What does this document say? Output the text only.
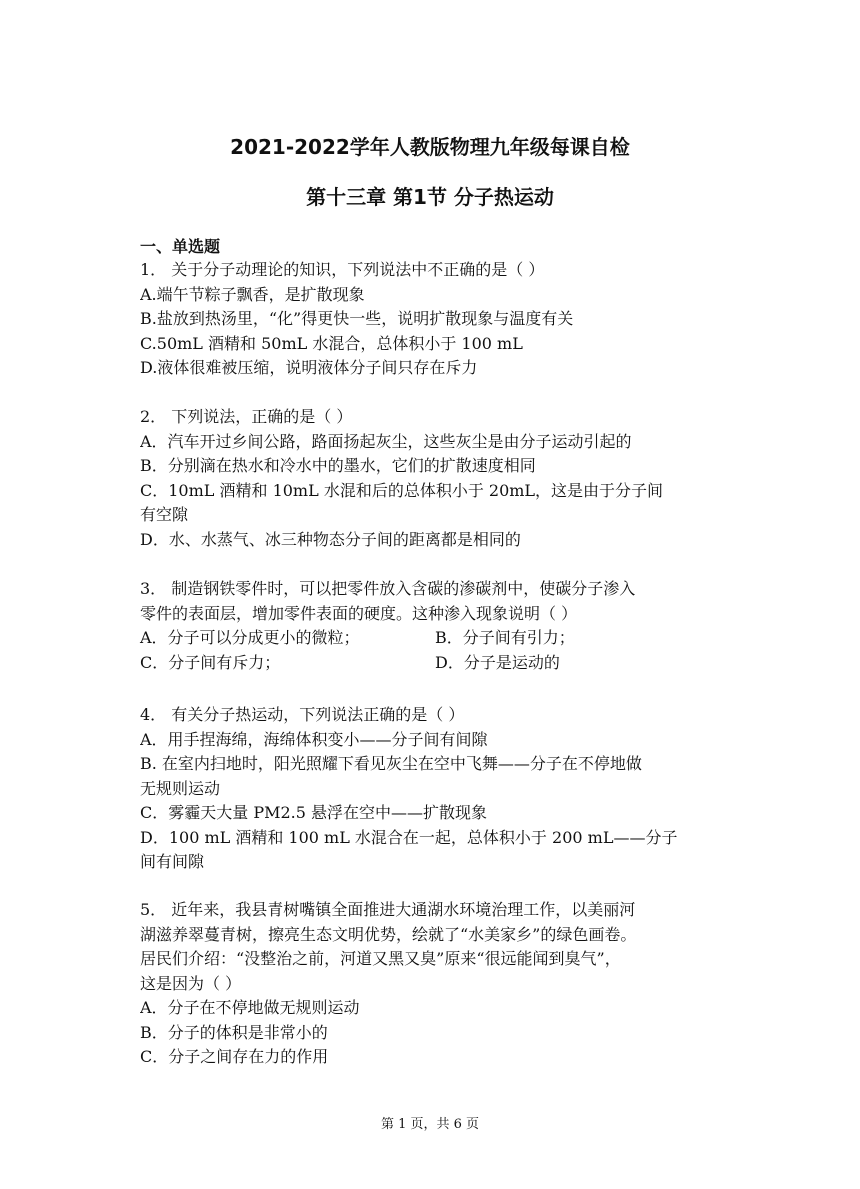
2021-2022学年人教版物理九年级每课自检
第十三章 第1节 分子热运动
一、单选题
1． 关于分子动理论的知识，下列说法中不正确的是（ ）
A.端午节粽子飘香，是扩散现象
B.盐放到热汤里，“化”得更快一些，说明扩散现象与温度有关
C.50mL 酒精和 50mL 水混合，总体积小于 100 mL
D.液体很难被压缩，说明液体分子间只存在斥力
2． 下列说法，正确的是（ ）
A．汽车开过乡间公路，路面扬起灰尘，这些灰尘是由分子运动引起的
B．分别滴在热水和冷水中的墨水，它们的扩散速度相同
C．10mL 酒精和 10mL 水混和后的总体积小于 20mL，这是由于分子间
有空隙
D．水、水蒸气、冰三种物态分子间的距离都是相同的
3． 制造钢铁零件时，可以把零件放入含碳的渗碳剂中，使碳分子渗入
零件的表面层，增加零件表面的硬度。这种渗入现象说明（ ）
A．分子可以分成更小的微粒；	B．分子间有引力；
C．分子间有斥力；	D．分子是运动的
4． 有关分子热运动，下列说法正确的是（ ）
A．用手捏海绵，海绵体积变小——分子间有间隙
B. 在室内扫地时，阳光照耀下看见灰尘在空中飞舞——分子在不停地做
无规则运动
C．雾霾天大量 PM2.5 悬浮在空中——扩散现象
D．100 mL 酒精和 100 mL 水混合在一起，总体积小于 200 mL——分子
间有间隙
5． 近年来，我县青树嘴镇全面推进大通湖水环境治理工作，以美丽河
湖滋养翠蔓青树，擦亮生态文明优势，绘就了“水美家乡”的绿色画卷。
居民们介绍：“没整治之前，河道又黑又臭”原来“很远能闻到臭气”，
这是因为（ ）
A．分子在不停地做无规则运动
B．分子的体积是非常小的
C．分子之间存在力的作用
第 1 页，共 6 页
